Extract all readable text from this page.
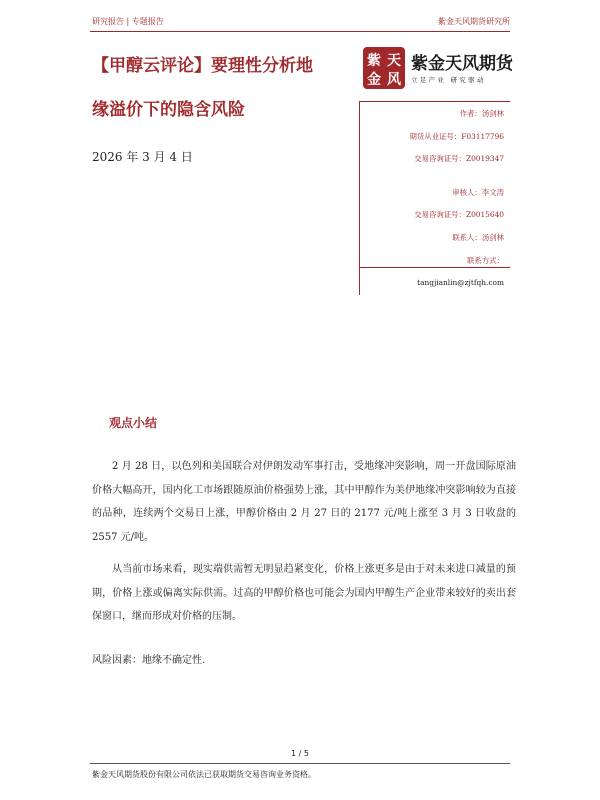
研究报告 | 专题报告	紫金天风期货研究所
【甲醇云评论】要理性分析地
缘溢价下的隐含风险
紫 天
金 风
紫金天风期货
立足产业 研究驱动
2026 年 3 月 4 日
作者：汤剑林
期货从业证号：F03117796
交易咨询证号：Z0019347
审核人：李文涛
交易咨询证号：Z0015640
联系人：汤剑林
联系方式：
tangjianlin@zjtfqh.com
观点小结

2 月 28 日，以色列和美国联合对伊朗发动军事打击，受地缘冲突影响，周一开盘国际原油价格大幅高开，国内化工市场跟随原油价格强势上涨，其中甲醇作为美伊地缘冲突影响较为直接的品种，连续两个交易日上涨，甲醇价格由 2 月 27 日的 2177 元/吨上涨至 3 月 3 日收盘的 2557 元/吨。

从当前市场来看，现实端供需暂无明显趋紧变化，价格上涨更多是由于对未来进口减量的预期，价格上涨或偏离实际供需。过高的甲醇价格也可能会为国内甲醇生产企业带来较好的卖出套保窗口，继而形成对价格的压制。

风险因素：地缘不确定性.
1 / 5
紫金天风期货股份有限公司依法已获取期货交易咨询业务资格。
